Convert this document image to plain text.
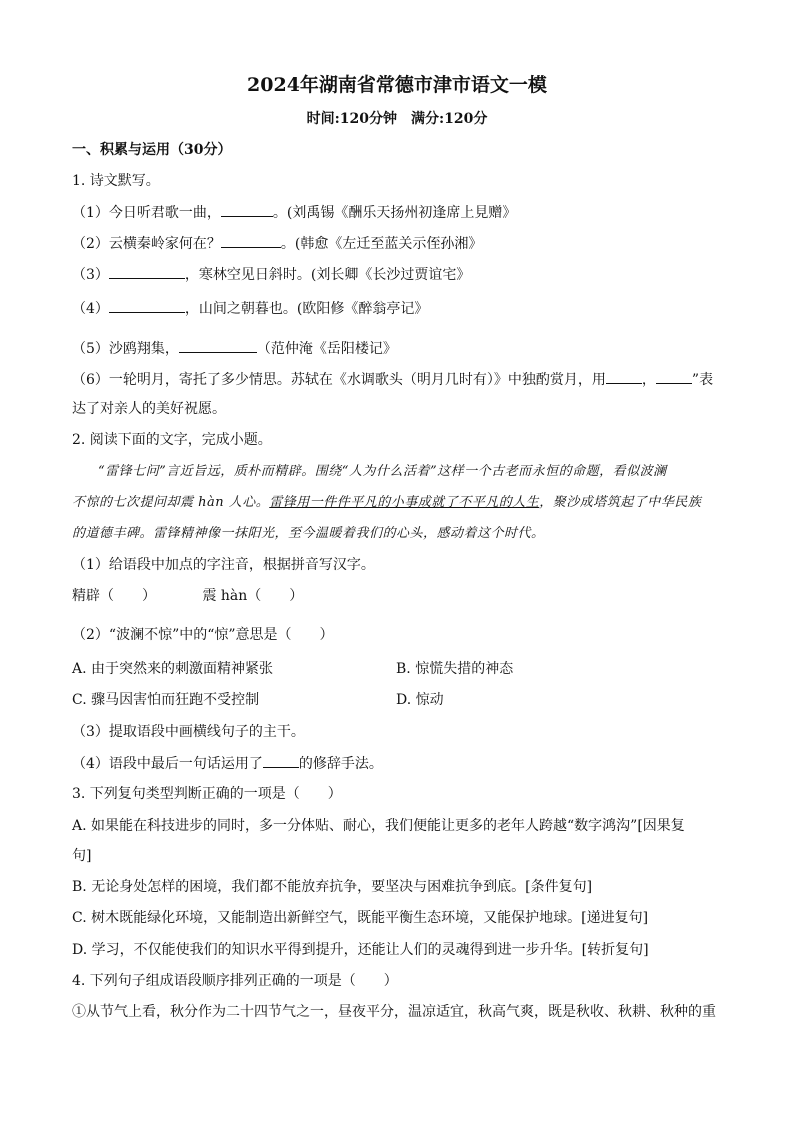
2024年湖南省常德市津市语文一模
时间:120分钟　满分:120分
一、积累与运用（30分）
1. 诗文默写。
（1）今日听君歌一曲，	。(刘禹锡《酬乐天扬州初逢席上見赠》
（2）云横秦岭家何在？	。(韩愈《左迁至蓝关示侄孙湘》
（3）	，寒林空见日斜时。(刘长卿《长沙过贾谊宅》
（4）	，山间之朝暮也。(欧阳修《醉翁亭记》
（5）沙鸥翔集，	（范仲淹《岳阳楼记》
（6）一轮明月，寄托了多少情思。苏轼在《水调歌头（明月几时有）》中独酌赏月，用	，	”表
达了对亲人的美好祝愿。
2. 阅读下面的文字，完成小题。
“雷锋七问”言近旨远，质朴而精辟。围绕“人为什么活着”这样一个古老而永恒的命题，看似波澜
不惊的七次提问却震 hàn 人心。雷锋用一件件平凡的小事成就了不平凡的人生，聚沙成塔筑起了中华民族
的道德丰碑。雷锋精神像一抹阳光，至今温暖着我们的心头，感动着这个时代。
（1）给语段中加点的字注音，根据拼音写汉字。
精辟（　　）	震 hàn（　　）
（2）“波澜不惊”中的“惊”意思是（　　）
A. 由于突然来的刺激面精神紧张	B. 惊慌失措的神态
C. 骤马因害怕而狂跑不受控制	D. 惊动
（3）提取语段中画横线句子的主干。
（4）语段中最后一句话运用了	的修辞手法。
3. 下列复句类型判断正确的一项是（　　）
A. 如果能在科技进步的同时，多一分体贴、耐心，我们便能让更多的老年人跨越“数字鸿沟”[因果复
句]
B. 无论身处怎样的困境，我们都不能放弃抗争，要坚决与困难抗争到底。[条件复句]
C. 树木既能绿化环境，又能制造出新鲜空气，既能平衡生态环境，又能保护地球。[递进复句]
D. 学习，不仅能使我们的知识水平得到提升，还能让人们的灵魂得到进一步升华。[转折复句]
4. 下列句子组成语段顺序排列正确的一项是（　　）
①从节气上看，秋分作为二十四节气之一，昼夜平分，温凉适宜，秋高气爽，既是秋收、秋耕、秋种的重
